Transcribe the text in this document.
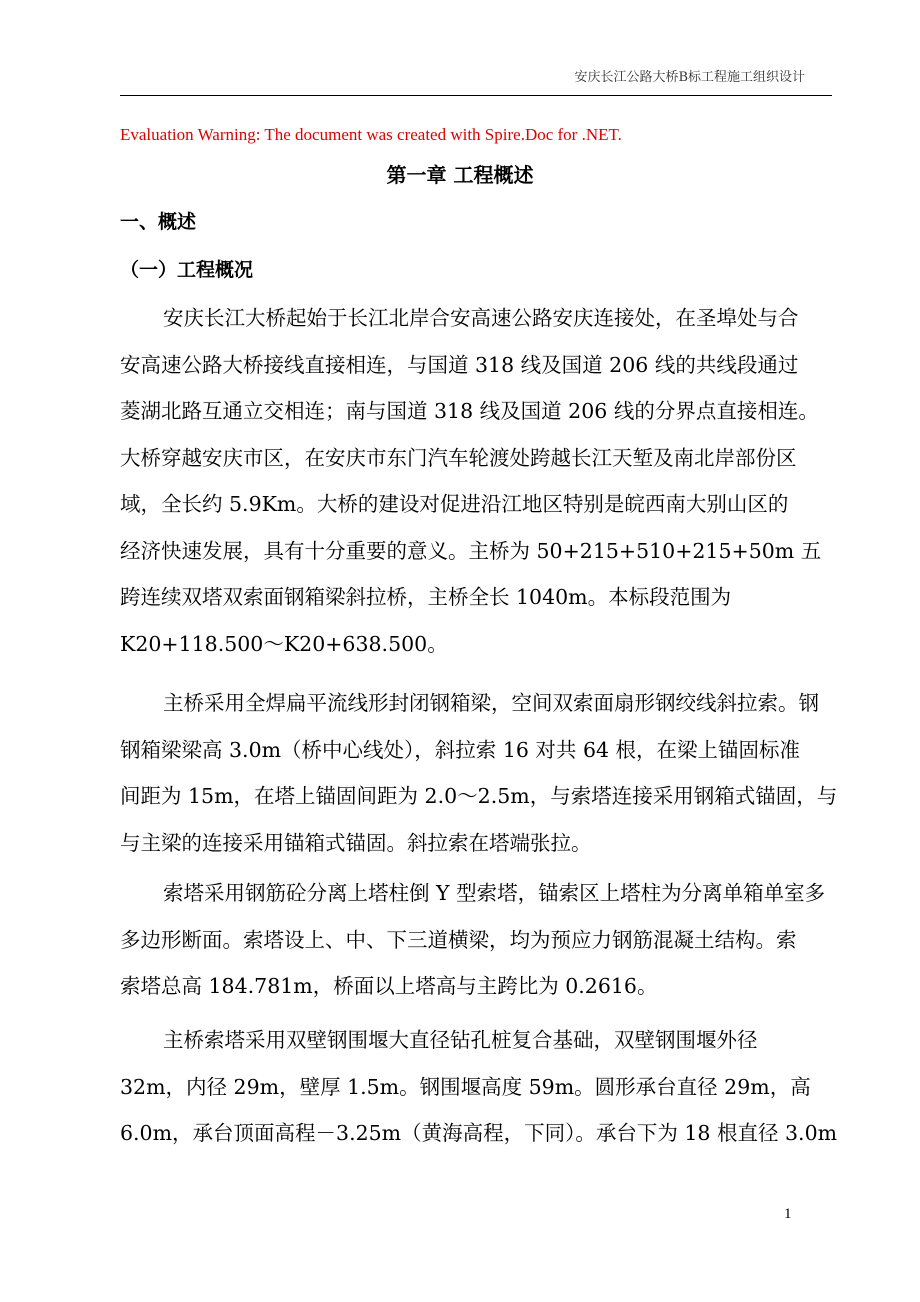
安庆长江公路大桥B标工程施工组织设计
Evaluation Warning: The document was created with Spire.Doc for .NET.
第一章 工程概述
一、概述
（一）工程概况
安庆长江大桥起始于长江北岸合安高速公路安庆连接处，在圣埠处与合
安高速公路大桥接线直接相连，与国道 318 线及国道 206 线的共线段通过
菱湖北路互通立交相连；南与国道 318 线及国道 206 线的分界点直接相连。
大桥穿越安庆市区，在安庆市东门汽车轮渡处跨越长江天堑及南北岸部份区
域，全长约 5.9Km。大桥的建设对促进沿江地区特别是皖西南大别山区的
经济快速发展，具有十分重要的意义。主桥为 50+215+510+215+50m 五
跨连续双塔双索面钢箱梁斜拉桥，主桥全长 1040m。本标段范围为
K20+118.500～K20+638.500。
主桥采用全焊扁平流线形封闭钢箱梁，空间双索面扇形钢绞线斜拉索。钢
钢箱梁梁高 3.0m（桥中心线处），斜拉索 16 对共 64 根，在梁上锚固标准
间距为 15m，在塔上锚固间距为 2.0～2.5m，与索塔连接采用钢箱式锚固，与
与主梁的连接采用锚箱式锚固。斜拉索在塔端张拉。
索塔采用钢筋砼分离上塔柱倒 Y 型索塔，锚索区上塔柱为分离单箱单室多
多边形断面。索塔设上、中、下三道横梁，均为预应力钢筋混凝土结构。索
索塔总高 184.781m，桥面以上塔高与主跨比为 0.2616。
主桥索塔采用双壁钢围堰大直径钻孔桩复合基础，双壁钢围堰外径
32m，内径 29m，壁厚 1.5m。钢围堰高度 59m。圆形承台直径 29m，高
6.0m，承台顶面高程－3.25m（黄海高程，下同）。承台下为 18 根直径 3.0m
1
